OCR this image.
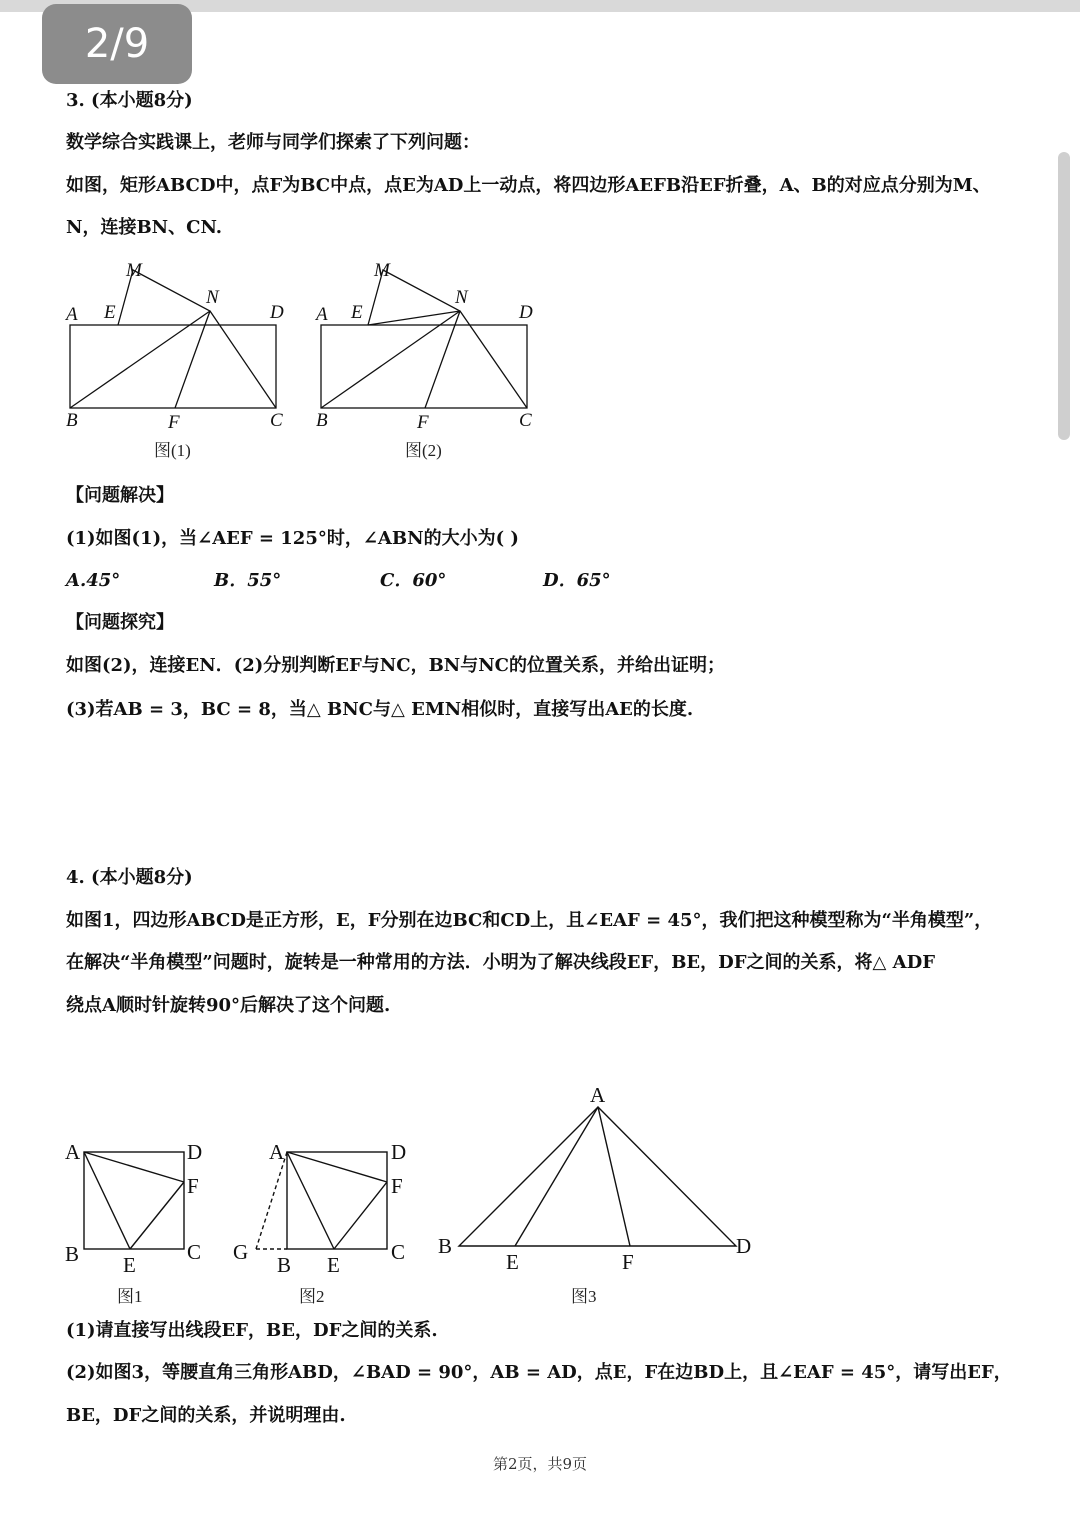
2/9
3. (本小题8分)
数学综合实践课上，老师与同学们探索了下列问题：
如图，矩形ABCD中，点F为BC中点，点E为AD上一动点，将四边形AEFB沿EF折叠，A、B的对应点分别为M、
N，连接BN、CN.
M
N
A E	D
B	F	C
图(1)
M
N
A E	D
B	F	C
图(2)
【问题解决】
(1)如图(1)，当∠AEF = 125°时，∠ABN的大小为( )
A.45°	B．55°	C．60°	D．65°
【问题探究】
如图(2)，连接EN．(2)分别判断EF与NC，BN与NC的位置关系，并给出证明；
(3)若AB = 3，BC = 8，当△ BNC与△ EMN相似时，直接写出AE的长度.
4. (本小题8分)
如图1，四边形ABCD是正方形，E，F分别在边BC和CD上，且∠EAF = 45°，我们把这种模型称为“半角模型”，
在解决“半角模型”问题时，旋转是一种常用的方法．小明为了解决线段EF，BE，DF之间的关系，将△ ADF
绕点A顺时针旋转90°后解决了这个问题.
A	D
F
B E
C
图1
A	D
F
G
B E
C
图2
A
B
E	F
D
图3
(1)请直接写出线段EF，BE，DF之间的关系.
(2)如图3，等腰直角三角形ABD，∠BAD = 90°，AB = AD，点E，F在边BD上，且∠EAF = 45°，请写出EF，
BE，DF之间的关系，并说明理由.
第2页，共9页
